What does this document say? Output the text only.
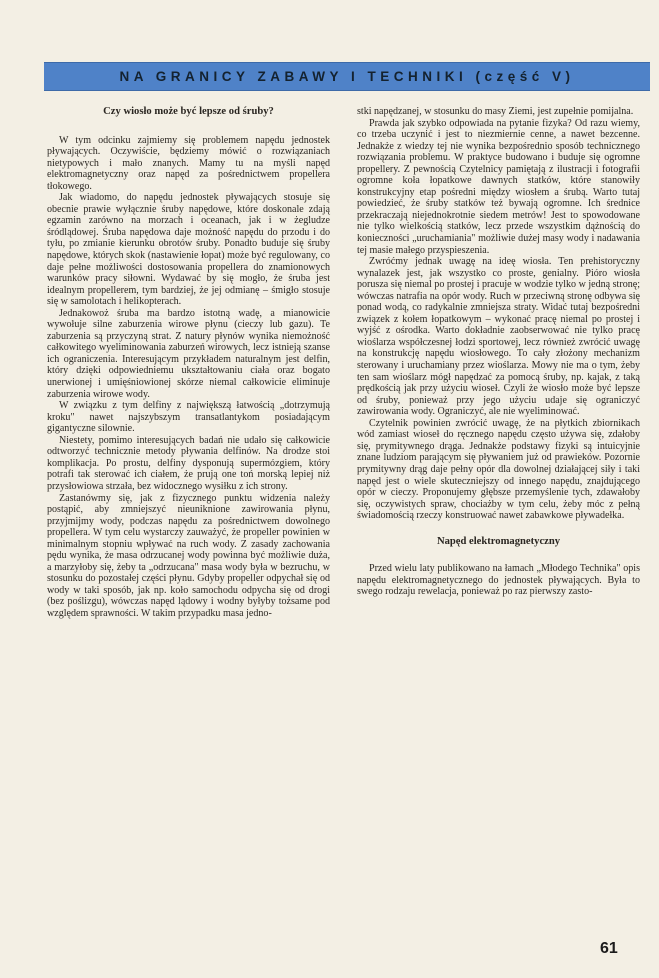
NA GRANICY ZABAWY I TECHNIKI (część V)
Czy wiosło może być lepsze od śruby?

W tym odcinku zajmiemy się problemem napędu jednostek pływających. Oczywiście, będziemy mówić o rozwiązaniach nietypowych i mało znanych. Mamy tu na myśli napęd elektromagnetyczny oraz napęd za pośrednictwem propellera tłokowego.

Jak wiadomo, do napędu jednostek pływających stosuje się obecnie prawie wyłącznie śruby napędowe, które doskonale zdają egzamin zarówno na morzach i oceanach, jak i w żegludze śródlądowej. Śruba napędowa daje możność napędu do przodu i do tyłu, po zmianie kierunku obrotów śruby. Ponadto buduje się śruby napędowe, których skok (nastawienie łopat) może być regulowany, co daje pełne możliwości dostosowania propellera do znamionowych warunków pracy siłowni. Wydawać by się mogło, że śruba jest idealnym propellerem, tym bardziej, że jej odmianę – śmigło stosuje się w samolotach i helikopterach.

Jednakowoż śruba ma bardzo istotną wadę, a mianowicie wywołuje silne zaburzenia wirowe płynu (cieczy lub gazu). Te zaburzenia są przyczyną strat. Z natury płynów wynika niemożność całkowitego wyeliminowania zaburzeń wirowych, lecz istnieją szanse ich ograniczenia. Interesującym przykładem naturalnym jest delfin, który dzięki odpowiedniemu ukształtowaniu ciała oraz bogato unerwionej i umięśniowionej skórze niemal całkowicie eliminuje zaburzenia wirowe wody.

W związku z tym delfiny z największą łatwością „dotrzymują kroku" nawet najszybszym transatlantykom posiadającym gigantyczne silownie.

Niestety, pomimo interesujących badań nie udało się całkowicie odtworzyć technicznie metody pływania delfinów. Na drodze stoi komplikacja. Po prostu, delfiny dysponują supermózgiem, który potrafi tak sterować ich ciałem, że prują one toń morską lepiej niż przysłowiowa strzała, bez widocznego wysiłku z ich strony.

Zastanówmy się, jak z fizycznego punktu widzenia należy postąpić, aby zmniejszyć nieuniknione zawirowania płynu, przyjmijmy wody, podczas napędu za pośrednictwem dowolnego propellera. W tym celu wystarczy zauważyć, że propeller powinien w minimalnym stopniu wpływać na ruch wody. Z zasady zachowania pędu wynika, że masa odrzucanej wody powinna być możliwie duża, a marzyłoby się, żeby ta „odrzucana" masa wody była w bezruchu, w stosunku do pozostałej części płynu. Gdyby propeller odpychał się od wody w taki sposób, jak np. koło samochodu odpycha się od drogi (bez poślizgu), wówczas napęd lądowy i wodny byłyby tożsame pod względem sprawności. W takim przypadku masa jedno-

stki napędzanej, w stosunku do masy Ziemi, jest zupełnie pomijalna.

Prawda jak szybko odpowiada na pytanie fizyka? Od razu wiemy, co trzeba uczynić i jest to niezmiernie cenne, a nawet bezcenne. Jednakże z wiedzy tej nie wynika bezpośrednio sposób technicznego rozwiązania problemu. W praktyce budowano i buduje się ogromne propellery. Z pewnością Czytelnicy pamiętają z ilustracji i fotografii ogromne koła łopatkowe dawnych statków, które stanowiły konstrukcyjny etap pośredni między wiosłem a śrubą. Warto tutaj powiedzieć, że śruby statków też bywają ogromne. Ich średnice przekraczają niejednokrotnie siedem metrów! Jest to spowodowane nie tylko wielkością statków, lecz przede wszystkim dążnością do konieczności „uruchamiania" możliwie dużej masy wody i nadawania tej masie małego przyspieszenia.

Zwróćmy jednak uwagę na ideę wiosła. Ten prehistoryczny wynalazek jest, jak wszystko co proste, genialny. Pióro wiosła porusza się niemal po prostej i pracuje w wodzie tylko w jedną stronę; wówczas natrafia na opór wody. Ruch w przeciwną stronę odbywa się ponad wodą, co radykalnie zmniejsza straty. Widać tutaj bezpośredni związek z kołem łopatkowym – wykonać pracę niemal po prostej i wyjść z ośrodka. Warto dokładnie zaobserwować nie tylko pracę wioślarza współczesnej łodzi sportowej, lecz również zwrócić uwagę na konstrukcję napędu wiosłowego. To cały złożony mechanizm sterowany i uruchamiany przez wioślarza. Mowy nie ma o tym, żeby ten sam wioślarz mógł napędzać za pomocą śruby, np. kajak, z taką prędkością jak przy użyciu wioseł. Czyli że wiosło może być lepsze od śruby, ponieważ przy jego użyciu udaje się ograniczyć zawirowania wody. Ograniczyć, ale nie wyeliminować.

Czytelnik powinien zwrócić uwagę, że na płytkich zbiornikach wód zamiast wioseł do ręcznego napędu często używa się, zdałoby się, prymitywnego drąga. Jednakże podstawy fizyki są intuicyjnie znane ludziom parającym się pływaniem już od prawieków. Pozornie prymitywny drąg daje pełny opór dla dowolnej działającej siły i taki napęd jest o wiele skuteczniejszy od innego napędu, znajdującego opór w cieczy. Proponujemy głębsze przemyślenie tych, zdawałoby się, oczywistych spraw, chociażby w tym celu, żeby móc z pełną świadomością rzeczy konstruować nawet zabawkowe pływadełka.

Napęd elektromagnetyczny

Przed wielu laty publikowano na łamach „Młodego Technika" opis napędu elektromagnetycznego do jednostek pływających. Była to swego rodzaju rewelacja, ponieważ po raz pierwszy zasto-

61
